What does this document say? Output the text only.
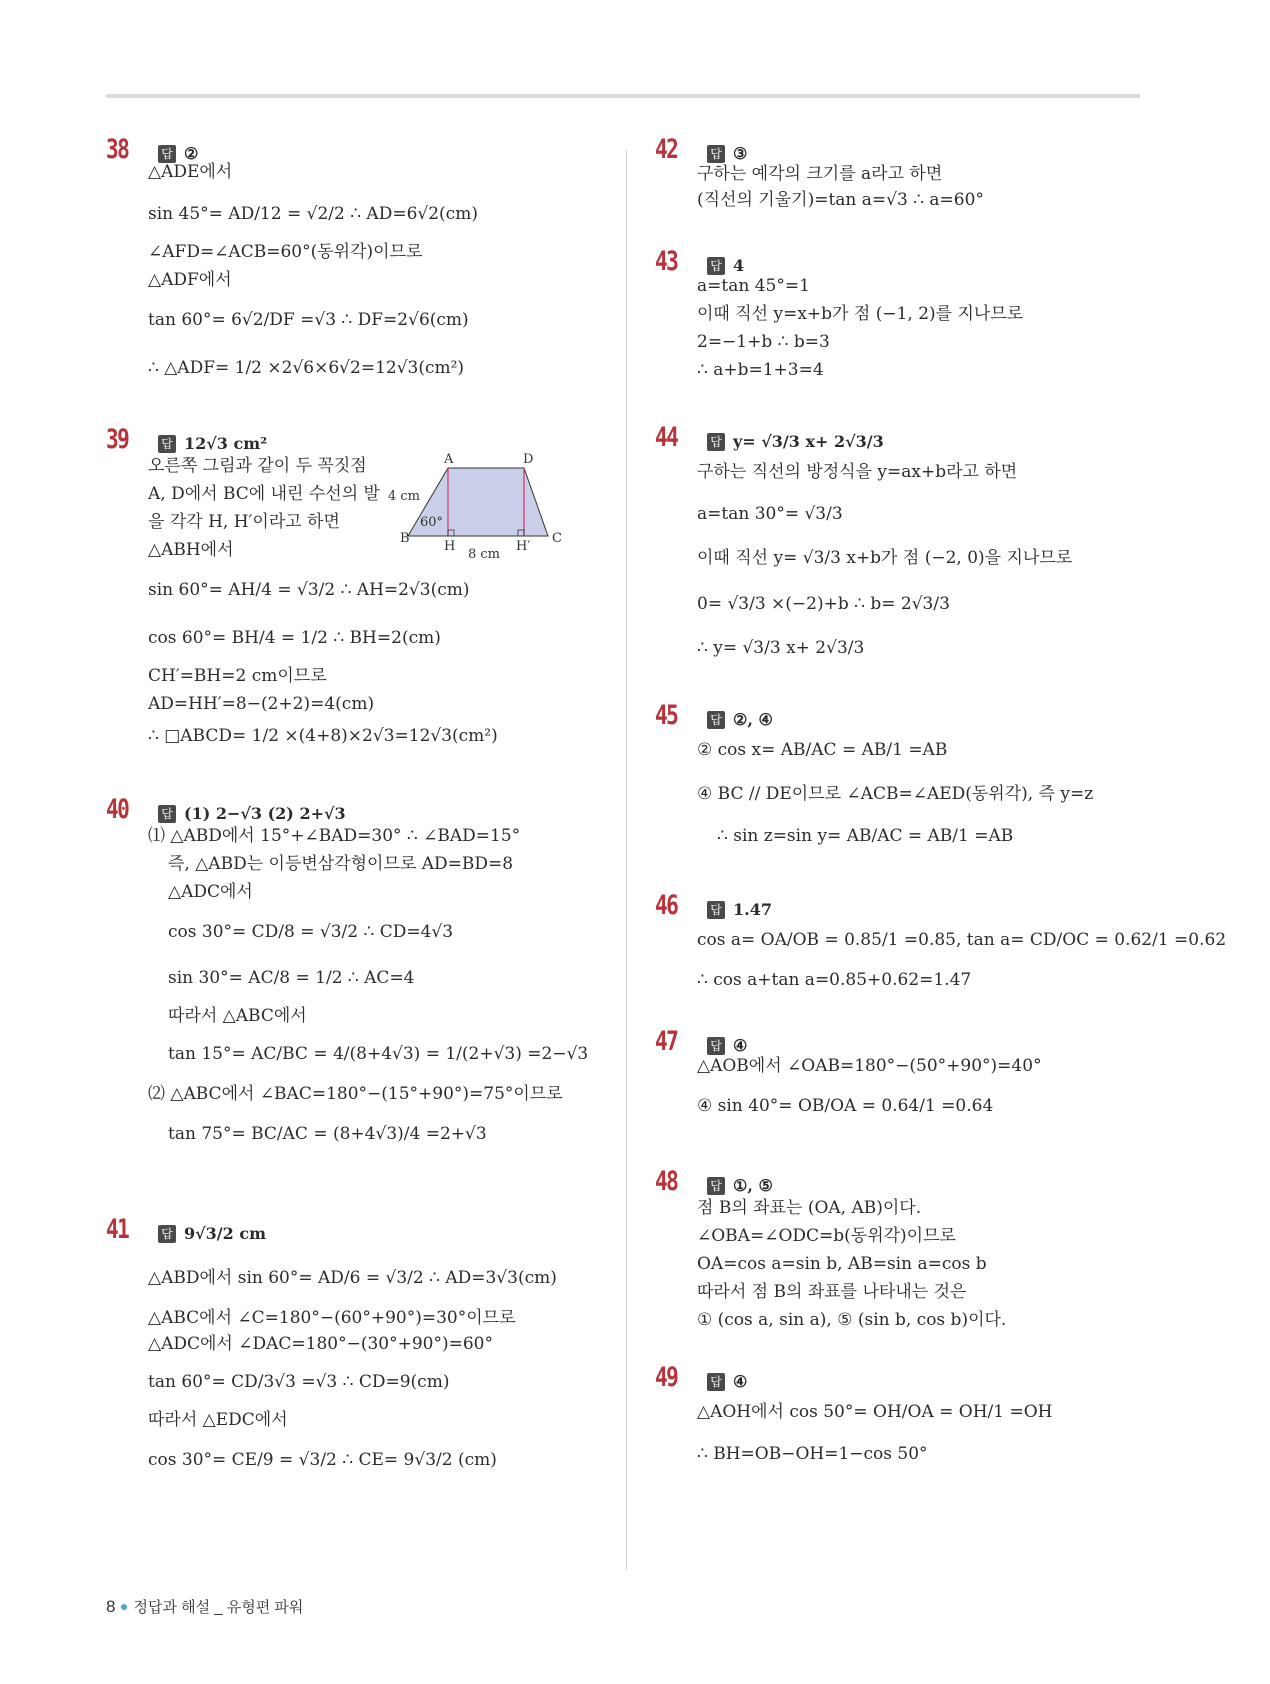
38	답 ②
△ADE에서
sin 45°= AD/12 = √2/2 ∴ AD=6√2(cm)
∠AFD=∠ACB=60°(동위각)이므로
△ADF에서
tan 60°= 6√2/DF =√3 ∴ DF=2√6(cm)
∴ △ADF= 1/2 ×2√6×6√2=12√3(cm²)
39	답 12√3 cm²
오른쪽 그림과 같이 두 꼭짓점
A, D에서 BC에 내린 수선의 발
을 각각 H, H′이라고 하면
△ABH에서
sin 60°= AH/4 = √3/2 ∴ AH=2√3(cm)
cos 60°= BH/4 = 1/2 ∴ BH=2(cm)
CH′=BH=2 cm이므로
AD=HH′=8−(2+2)=4(cm)
∴ □ABCD= 1/2 ×(4+8)×2√3=12√3(cm²)
A	D
B	C
H	H′
4 cm
60°
8 cm
40	답 (1) 2−√3 (2) 2+√3
⑴ △ABD에서 15°+∠BAD=30° ∴ ∠BAD=15°
즉, △ABD는 이등변삼각형이므로 AD=BD=8
△ADC에서
cos 30°= CD/8 = √3/2 ∴ CD=4√3
sin 30°= AC/8 = 1/2 ∴ AC=4
따라서 △ABC에서
tan 15°= AC/BC = 4/(8+4√3) = 1/(2+√3) =2−√3
⑵ △ABC에서 ∠BAC=180°−(15°+90°)=75°이므로
tan 75°= BC/AC = (8+4√3)/4 =2+√3
41	답 9√3/2 cm
△ABD에서 sin 60°= AD/6 = √3/2 ∴ AD=3√3(cm)
△ABC에서 ∠C=180°−(60°+90°)=30°이므로
△ADC에서 ∠DAC=180°−(30°+90°)=60°
tan 60°= CD/3√3 =√3 ∴ CD=9(cm)
따라서 △EDC에서
cos 30°= CE/9 = √3/2 ∴ CE= 9√3/2 (cm)
42	답 ③
구하는 예각의 크기를 a라고 하면
(직선의 기울기)=tan a=√3 ∴ a=60°
43	답 4
a=tan 45°=1
이때 직선 y=x+b가 점 (−1, 2)를 지나므로
2=−1+b ∴ b=3
∴ a+b=1+3=4
44	답 y= √3/3 x+ 2√3/3
구하는 직선의 방정식을 y=ax+b라고 하면
a=tan 30°= √3/3
이때 직선 y= √3/3 x+b가 점 (−2, 0)을 지나므로
0= √3/3 ×(−2)+b ∴ b= 2√3/3
∴ y= √3/3 x+ 2√3/3
45	답 ②, ④
② cos x= AB/AC = AB/1 =AB
④ BC // DE이므로 ∠ACB=∠AED(동위각), 즉 y=z
∴ sin z=sin y= AB/AC = AB/1 =AB
46	답 1.47
cos a= OA/OB = 0.85/1 =0.85, tan a= CD/OC = 0.62/1 =0.62
∴ cos a+tan a=0.85+0.62=1.47
47	답 ④
△AOB에서 ∠OAB=180°−(50°+90°)=40°
④ sin 40°= OB/OA = 0.64/1 =0.64
48	답 ①, ⑤
점 B의 좌표는 (OA, AB)이다.
∠OBA=∠ODC=b(동위각)이므로
OA=cos a=sin b, AB=sin a=cos b
따라서 점 B의 좌표를 나타내는 것은
① (cos a, sin a), ⑤ (sin b, cos b)이다.
49	답 ④
△AOH에서 cos 50°= OH/OA = OH/1 =OH
∴ BH=OB−OH=1−cos 50°
8 정답과 해설 _ 유형편 파워
